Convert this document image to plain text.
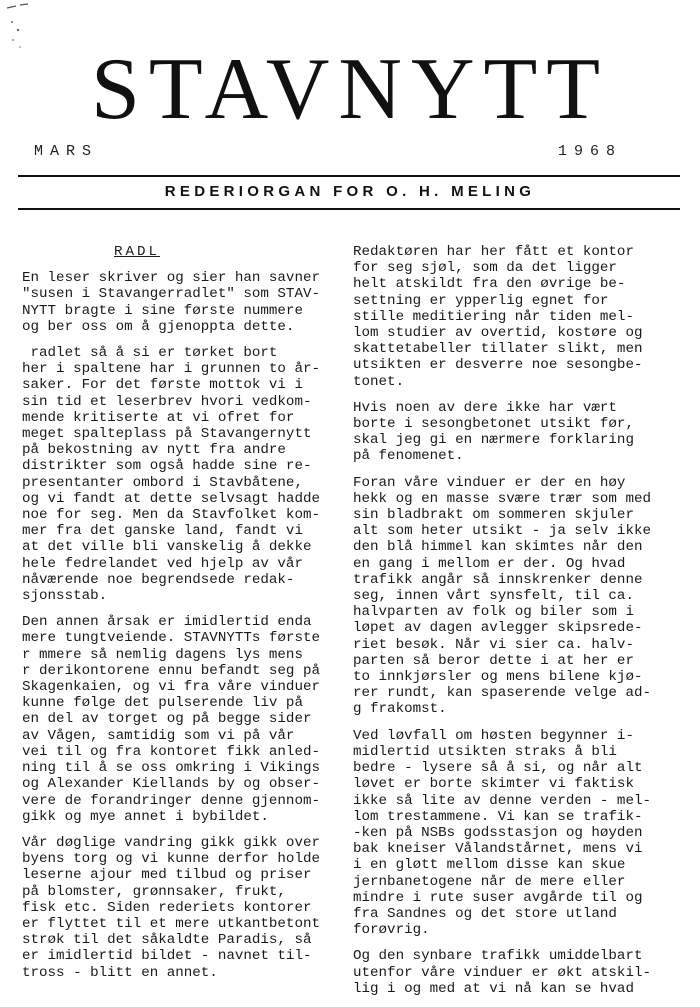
STAVNYTT
MARS	1968
REDERIORGAN FOR O. H. MELING

RADL

En leser skriver og sier han savner
"susen i Stavangerradlet" som STAV-
NYTT bragte i sine første nummere
og ber oss om å gjenoppta dette.

radlet så å si er tørket bort
her i spaltene har i grunnen to år-
saker. For det første mottok vi i
sin tid et leserbrev hvori vedkom-
mende kritiserte at vi ofret for
meget spalteplass på Stavangernytt
på bekostning av nytt fra andre
distrikter som også hadde sine re-
presentanter ombord i Stavbåtene,
og vi fandt at dette selvsagt hadde
noe for seg. Men da Stavfolket kom-
mer fra det ganske land, fandt vi
at det ville bli vanskelig å dekke
hele fedrelandet ved hjelp av vår
nåværende noe begrendsede redak-
sjonsstab.

Den annen årsak er imidlertid enda
mere tungtveiende. STAVNYTTs første
r mmere så nemlig dagens lys mens
r derikontorene ennu befandt seg på
Skagenkaien, og vi fra våre vinduer
kunne følge det pulserende liv på
en del av torget og på begge sider
av Vågen, samtidig som vi på vår
vei til og fra kontoret fikk anled-
ning til å se oss omkring i Vikings
og Alexander Kiellands by og obser-
vere de forandringer denne gjennom-
gikk og mye annet i bybildet.

Vår døglige vandring gikk gikk over
byens torg og vi kunne derfor holde
leserne ajour med tilbud og priser
på blomster, grønnsaker, frukt,
fisk etc. Siden rederiets kontorer
er flyttet til et mere utkantbetont
strøk til det såkaldte Paradis, så
er imidlertid bildet - navnet til-
tross - blitt en annet.

Redaktøren har her fått et kontor
for seg sjøl, som da det ligger
helt atskildt fra den øvrige be-
settning er ypperlig egnet for
stille meditiering når tiden mel-
lom studier av overtid, kostøre og
skattetabeller tillater slikt, men
utsikten er desverre noe sesongbe-
tonet.

Hvis noen av dere ikke har vært
borte i sesongbetonet utsikt før,
skal jeg gi en nærmere forklaring
på fenomenet.

Foran våre vinduer er der en høy
hekk og en masse svære trær som med
sin bladbrakt om sommeren skjuler
alt som heter utsikt - ja selv ikke
den blå himmel kan skimtes når den
en gang i mellom er der. Og hvad
trafikk angår så innskrenker denne
seg, innen vårt synsfelt, til ca.
halvparten av folk og biler som i
løpet av dagen avlegger skipsrede-
riet besøk. Når vi sier ca. halv-
parten så beror dette i at her er
to innkjørsler og mens bilene kjø-
rer rundt, kan spaserende velge ad-
g frakomst.

Ved løvfall om høsten begynner i-
midlertid utsikten straks å bli
bedre - lysere så å si, og når alt
løvet er borte skimter vi faktisk
ikke så lite av denne verden - mel-
lom trestammene. Vi kan se trafik-
-ken på NSBs godsstasjon og høyden
bak kneiser Vålandstårnet, mens vi
i en gløtt mellom disse kan skue
jernbanetogene når de mere eller
mindre i rute suser avgårde til og
fra Sandnes og det store utland
forøvrig.

Og den synbare trafikk umiddelbart
utenfor våre vinduer er økt atskil-
lig i og med at vi nå kan se hvad
